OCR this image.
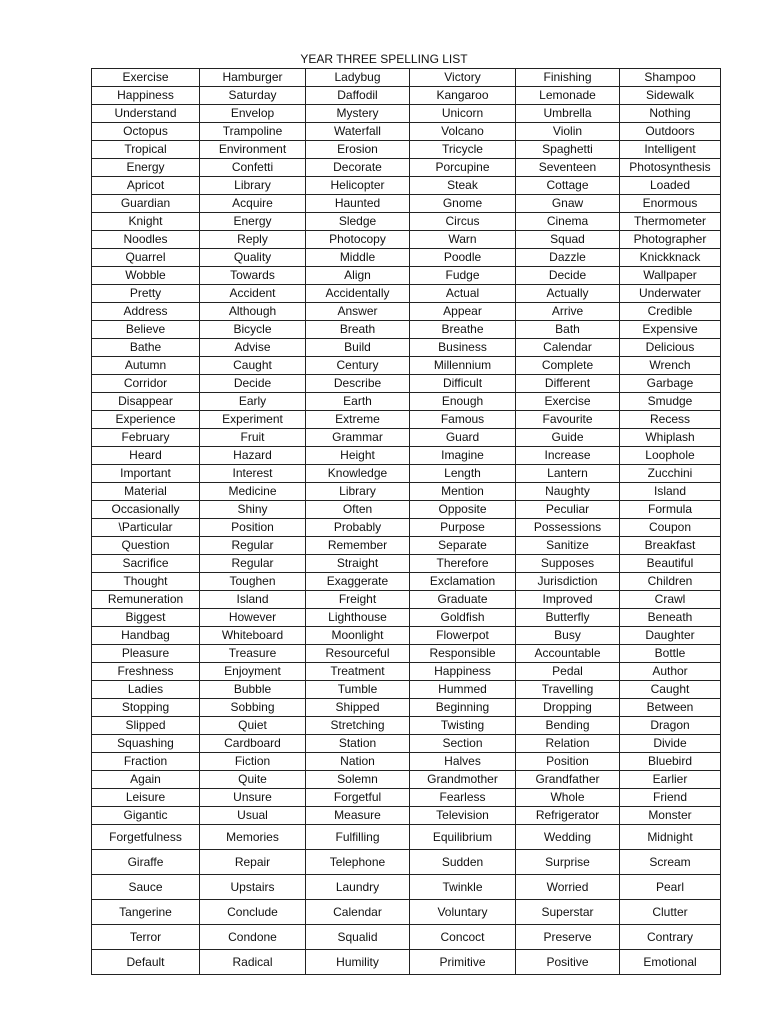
YEAR THREE SPELLING LIST
Exercise	Hamburger	Ladybug	Victory	Finishing	Shampoo
Happiness	Saturday	Daffodil	Kangaroo	Lemonade	Sidewalk
Understand	Envelop	Mystery	Unicorn	Umbrella	Nothing
Octopus	Trampoline	Waterfall	Volcano	Violin	Outdoors
Tropical	Environment	Erosion	Tricycle	Spaghetti	Intelligent
Energy	Confetti	Decorate	Porcupine	Seventeen	Photosynthesis
Apricot	Library	Helicopter	Steak	Cottage	Loaded
Guardian	Acquire	Haunted	Gnome	Gnaw	Enormous
Knight	Energy	Sledge	Circus	Cinema	Thermometer
Noodles	Reply	Photocopy	Warn	Squad	Photographer
Quarrel	Quality	Middle	Poodle	Dazzle	Knickknack
Wobble	Towards	Align	Fudge	Decide	Wallpaper
Pretty	Accident	Accidentally	Actual	Actually	Underwater
Address	Although	Answer	Appear	Arrive	Credible
Believe	Bicycle	Breath	Breathe	Bath	Expensive
Bathe	Advise	Build	Business	Calendar	Delicious
Autumn	Caught	Century	Millennium	Complete	Wrench
Corridor	Decide	Describe	Difficult	Different	Garbage
Disappear	Early	Earth	Enough	Exercise	Smudge
Experience	Experiment	Extreme	Famous	Favourite	Recess
February	Fruit	Grammar	Guard	Guide	Whiplash
Heard	Hazard	Height	Imagine	Increase	Loophole
Important	Interest	Knowledge	Length	Lantern	Zucchini
Material	Medicine	Library	Mention	Naughty	Island
Occasionally	Shiny	Often	Opposite	Peculiar	Formula
\Particular	Position	Probably	Purpose	Possessions	Coupon
Question	Regular	Remember	Separate	Sanitize	Breakfast
Sacrifice	Regular	Straight	Therefore	Supposes	Beautiful
Thought	Toughen	Exaggerate	Exclamation	Jurisdiction	Children
Remuneration	Island	Freight	Graduate	Improved	Crawl
Biggest	However	Lighthouse	Goldfish	Butterfly	Beneath
Handbag	Whiteboard	Moonlight	Flowerpot	Busy	Daughter
Pleasure	Treasure	Resourceful	Responsible	Accountable	Bottle
Freshness	Enjoyment	Treatment	Happiness	Pedal	Author
Ladies	Bubble	Tumble	Hummed	Travelling	Caught
Stopping	Sobbing	Shipped	Beginning	Dropping	Between
Slipped	Quiet	Stretching	Twisting	Bending	Dragon
Squashing	Cardboard	Station	Section	Relation	Divide
Fraction	Fiction	Nation	Halves	Position	Bluebird
Again	Quite	Solemn	Grandmother	Grandfather	Earlier
Leisure	Unsure	Forgetful	Fearless	Whole	Friend
Gigantic	Usual	Measure	Television	Refrigerator	Monster
Forgetfulness	Memories	Fulfilling	Equilibrium	Wedding	Midnight
Giraffe	Repair	Telephone	Sudden	Surprise	Scream
Sauce	Upstairs	Laundry	Twinkle	Worried	Pearl
Tangerine	Conclude	Calendar	Voluntary	Superstar	Clutter
Terror	Condone	Squalid	Concoct	Preserve	Contrary
Default	Radical	Humility	Primitive	Positive	Emotional
